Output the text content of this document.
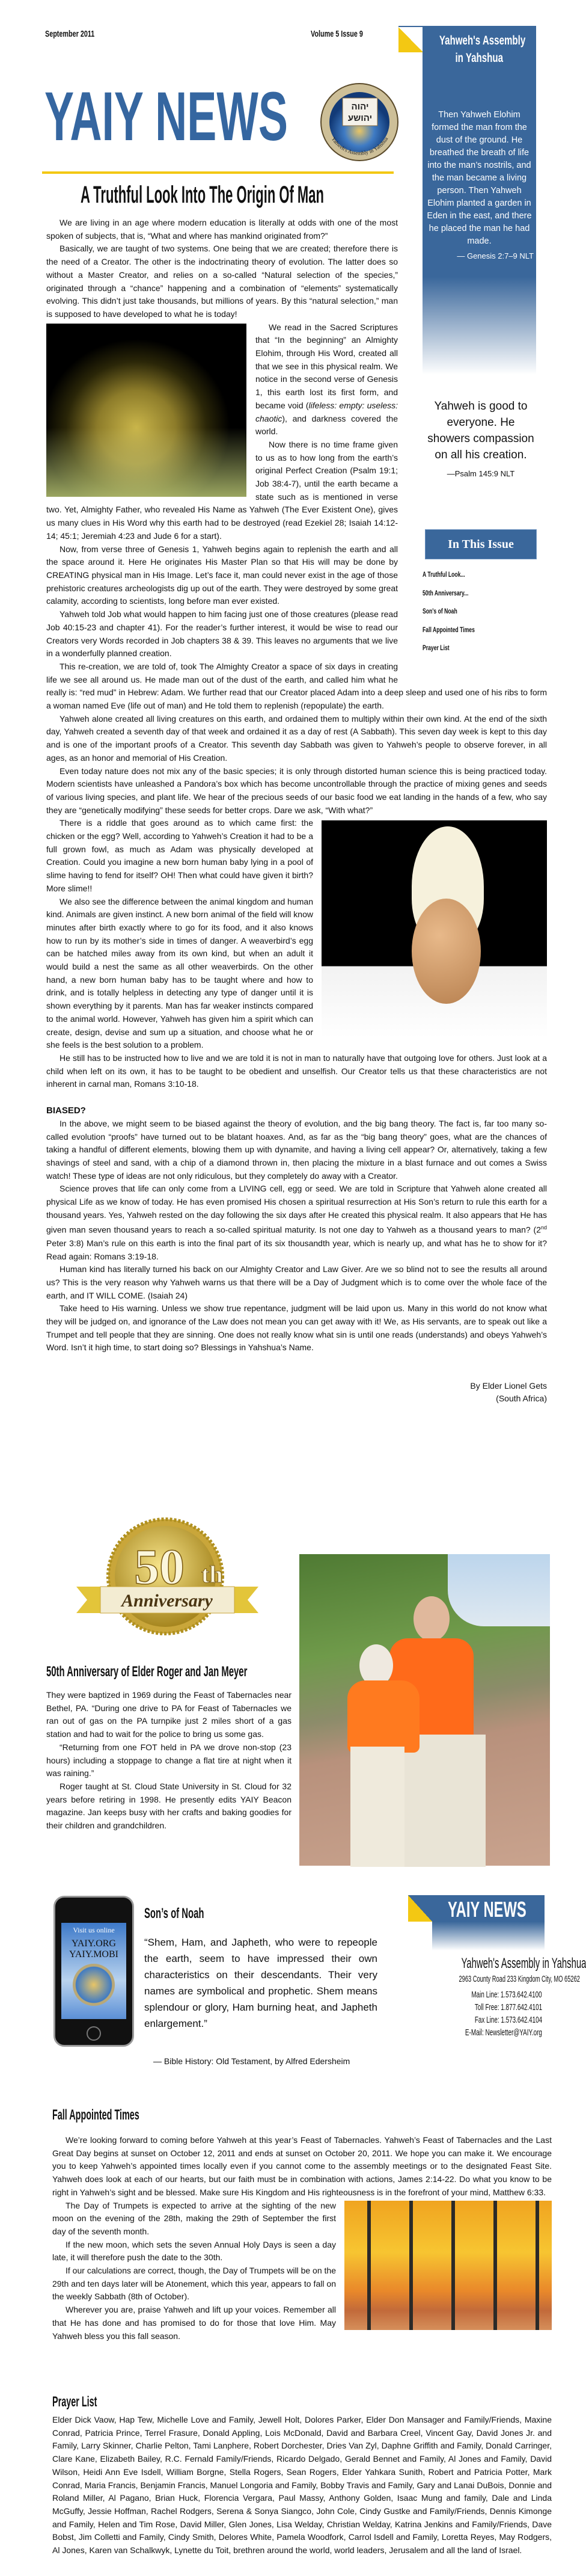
September 2011	Volume 5 Issue 9
YAIY NEWS	יהוה
יהושע
Yahweh's Assembly in Yahshua
A Truthful Look Into The Origin Of Man
Yahweh's Assembly
in Yahshua
Then Yahweh Elohim formed the man from the dust of the ground. He breathed the breath of life into the man’s nostrils, and the man became a living person. Then Yahweh Elohim planted a garden in Eden in the east, and there he placed the man he had made.
— Genesis 2:7–9 NLT
Yahweh is good to everyone. He showers compassion on all his creation.
—Psalm 145:9 NLT
In This Issue
A Truthful Look...
50th Anniversary...
Son's of Noah
Fall Appointed Times
Prayer List

We are living in an age where modern education is literally at odds with one of the most spoken of subjects, that is, “What and where has mankind originated from?”

Basically, we are taught of two systems. One being that we are created; therefore there is the need of a Creator. The other is the indoctrinating theory of evolution. The latter does so without a Master Creator, and relies on a so-called “Natural selection of the species,” originated through a “chance” happening and a combination of “elements” systematically evolving. This didn’t just take thousands, but millions of years. By this “natural selection,” man is supposed to have developed to what he is today!

We read in the Sacred Scriptures that “In the beginning” an Almighty Elohim, through His Word, created all that we see in this physical realm. We notice in the second verse of Genesis 1, this earth lost its first form, and became void (lifeless: empty: useless: chaotic), and darkness covered the world.

Now there is no time frame given to us as to how long from the earth’s original Perfect Creation (Psalm 19:1; Job 38:4-7), until the earth became a state such as is mentioned in verse two. Yet, Almighty Father, who revealed His Name as Yahweh (The Ever Existent One), gives us many clues in His Word why this earth had to be destroyed (read Ezekiel 28; Isaiah 14:12-14; 45:1; Jeremiah 4:23 and Jude 6 for a start).

Now, from verse three of Genesis 1, Yahweh begins again to replenish the earth and all the space around it. Here He originates His Master Plan so that His will may be done by CREATING physical man in His Image. Let’s face it, man could never exist in the age of those prehistoric creatures archeologists dig up out of the earth. They were destroyed by some great calamity, according to scientists, long before man ever existed.

Yahweh told Job what would happen to him facing just one of those creatures (please read Job 40:15-23 and chapter 41). For the reader’s further interest, it would be wise to read our Creators very Words recorded in Job chapters 38 & 39. This leaves no arguments that we live in a wonderfully planned creation.

This re-creation, we are told of, took The Almighty Creator a space of six days in creating life we see all around us. He made man out of the dust of the earth, and called him what he really is: “red mud” in Hebrew: Adam. We further read that our Creator placed Adam into a deep sleep and used one of his ribs to form a woman named Eve (life out of man) and He told them to replenish (repopulate) the earth.

Yahweh alone created all living creatures on this earth, and ordained them to multiply within their own kind. At the end of the sixth day, Yahweh created a seventh day of that week and ordained it as a day of rest (A Sabbath). This seven day week is kept to this day and is one of the important proofs of a Creator. This seventh day Sabbath was given to Yahweh’s people to observe forever, in all ages, as an honor and memorial of His Creation.

Even today nature does not mix any of the basic species; it is only through distorted human science this is being practiced today. Modern scientists have unleashed a Pandora’s box which has become uncontrollable through the practice of mixing genes and seeds of various living species, and plant life. We hear of the precious seeds of our basic food we eat landing in the hands of a few, who say they are “genetically modifying” these seeds for better crops. Dare we ask, “With what?”

There is a riddle that goes around as to which came first: the chicken or the egg? Well, according to Yahweh’s Creation it had to be a full grown fowl, as much as Adam was physically developed at Creation. Could you imagine a new born human baby lying in a pool of slime having to fend for itself? OH! Then what could have given it birth? More slime!!

We also see the difference between the animal kingdom and human kind. Animals are given instinct. A new born animal of the field will know minutes after birth exactly where to go for its food, and it also knows how to run by its mother’s side in times of danger. A weaverbird’s egg can be hatched miles away from its own kind, but when an adult it would build a nest the same as all other weaverbirds. On the other hand, a new born human baby has to be taught where and how to drink, and is totally helpless in detecting any type of danger until it is shown everything by it parents. Man has far weaker instincts compared to the animal world. However, Yahweh has given him a spirit which can create, design, devise and sum up a situation, and choose what he or she feels is the best solution to a problem.

He still has to be instructed how to live and we are told it is not in man to naturally have that outgoing love for others. Just look at a child when left on its own, it has to be taught to be obedient and unselfish. Our Creator tells us that these characteristics are not inherent in carnal man, Romans 3:10-18.

BIASED?

In the above, we might seem to be biased against the theory of evolution, and the big bang theory. The fact is, far too many so-called evolution “proofs” have turned out to be blatant hoaxes. And, as far as the “big bang theory” goes, what are the chances of taking a handful of different elements, blowing them up with dynamite, and having a living cell appear? Or, alternatively, taking a few shavings of steel and sand, with a chip of a diamond thrown in, then placing the mixture in a blast furnace and out comes a Swiss watch! These type of ideas are not only ridiculous, but they completely do away with a Creator.

Science proves that life can only come from a LIVING cell, egg or seed. We are told in Scripture that Yahweh alone created all physical Life as we know of today. He has even promised His chosen a spiritual resurrection at His Son’s return to rule this earth for a thousand years. Yes, Yahweh rested on the day following the six days after He created this physical realm. It also appears that He has given man seven thousand years to reach a so-called spiritual maturity. Is not one day to Yahweh as a thousand years to man? (2nd Peter 3:8) Man’s rule on this earth is into the final part of its six thousandth year, which is nearly up, and what has he to show for it? Read again: Romans 3:19-18.

Human kind has literally turned his back on our Almighty Creator and Law Giver. Are we so blind not to see the results all around us? This is the very reason why Yahweh warns us that there will be a Day of Judgment which is to come over the whole face of the earth, and IT WILL COME. (Isaiah 24)

Take heed to His warning. Unless we show true repentance, judgment will be laid upon us. Many in this world do not know what they will be judged on, and ignorance of the Law does not mean you can get away with it! We, as His servants, are to speak out like a Trumpet and tell people that they are sinning. One does not really know what sin is until one reads (understands) and obeys Yahweh’s Word. Isn’t it high time, to start doing so? Blessings in Yahshua’s Name.

By Elder Lionel Gets
(South Africa)
50 th
Anniversary
50th Anniversary of Elder Roger and Jan Meyer

They were baptized in 1969 during the Feast of Tabernacles near Bethel, PA. “During one drive to PA for Feast of Tabernacles we ran out of gas on the PA turnpike just 2 miles short of a gas station and had to wait for the police to bring us some gas.

“Returning from one FOT held in PA we drove non-stop (23 hours) including a stoppage to change a flat tire at night when it was raining.”

Roger taught at St. Cloud State University in St. Cloud for 32 years before retiring in 1998. He presently edits YAIY Beacon magazine. Jan keeps busy with her crafts and baking goodies for their children and grandchildren.

Visit us online
YAIY.ORG
YAIY.MOBI
Son’s of Noah
“Shem, Ham, and Japheth, who were to repeople the earth, seem to have impressed their own characteristics on their descendants. Their very names are symbolical and prophetic. Shem means splendour or glory, Ham burning heat, and Japheth enlargement.”
— Bible History: Old Testament, by Alfred Edersheim
YAIY NEWS
Yahweh's Assembly in Yahshua
2963 County Road 233 Kingdom City, MO 65262
Main Line: 1.573.642.4100
Toll Free: 1.877.642.4101
Fax Line: 1.573.642.4104
E-Mail: Newsletter@YAIY.org
Fall Appointed Times

We’re looking forward to coming before Yahweh at this year’s Feast of Tabernacles. Yahweh’s Feast of Tabernacles and the Last Great Day begins at sunset on October 12, 2011 and ends at sunset on October 20, 2011. We hope you can make it. We encourage you to keep Yahweh’s appointed times locally even if you cannot come to the assembly meetings or to the designated Feast Site. Yahweh does look at each of our hearts, but our faith must be in combination with actions, James 2:14-22. Do what you know to be right in Yahweh’s sight and be blessed. Make sure His Kingdom and His righteousness is in the forefront of your mind, Matthew 6:33.

The Day of Trumpets is expected to arrive at the sighting of the new moon on the evening of the 28th, making the 29th of September the first day of the seventh month.

If the new moon, which sets the seven Annual Holy Days is seen a day late, it will therefore push the date to the 30th.

If our calculations are correct, though, the Day of Trumpets will be on the 29th and ten days later will be Atonement, which this year, appears to fall on the weekly Sabbath (8th of October).

Wherever you are, praise Yahweh and lift up your voices. Remember all that He has done and has promised to do for those that love Him. May Yahweh bless you this fall season.

Prayer List
Elder Dick Vaow, Hap Tew, Michelle Love and Family, Jewell Holt, Dolores Parker, Elder Don Mansager and Family/Friends, Maxine Conrad, Patricia Prince, Terrel Frasure, Donald Appling, Lois McDonald, David and Barbara Creel, Vincent Gay, David Jones Jr. and Family, Larry Skinner, Charlie Pelton, Tami Lanphere, Robert Dorchester, Dries Van Zyl, Daphne Griffith and Family, Donald Carringer, Clare Kane, Elizabeth Bailey, R.C. Fernald Family/Friends, Ricardo Delgado, Gerald Bennet and Family, Al Jones and Family, David Wilson, Heidi Ann Eve Isdell, William Borgne, Stella Rogers, Sean Rogers, Elder Yahkara Sunith, Robert and Patricia Potter, Mark Conrad, Maria Francis, Benjamin Francis, Manuel Longoria and Family, Bobby Travis and Family, Gary and Lanai DuBois, Donnie and Roland Miller, Al Pagano, Brian Huck, Florencia Vergara, Paul Massy, Anthony Golden, Isaac Mung and family, Dale and Linda McGuffy, Jessie Hoffman, Rachel Rodgers, Serena & Sonya Siangco, John Cole, Cindy Gustke and Family/Friends, Dennis Kimonge and Family, Helen and Tim Rose, David Miller, Glen Jones, Lisa Welday, Christian Welday, Katrina Jenkins and Family/Friends, Dave Bobst, Jim Colletti and Family, Cindy Smith, Delores White, Pamela Woodfork, Carrol Isdell and Family, Loretta Reyes, May Rodgers, Al Jones, Karen van Schalkwyk, Lynette du Toit, brethren around the world, world leaders, Jerusalem and all the land of Israel.
